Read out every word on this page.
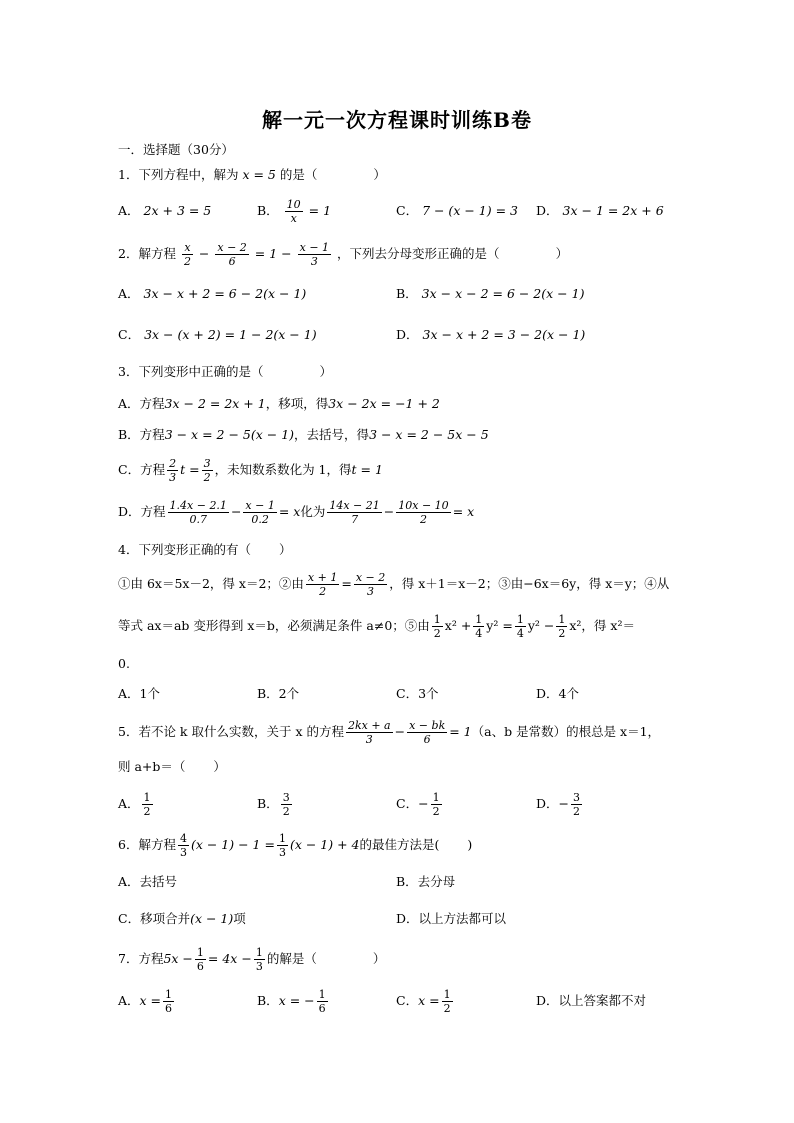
解一元一次方程课时训练B卷
一．选择题（30分）
1．下列方程中，解为 x = 5 的是（	）
A． 2x + 3 = 5	B． $\frac{10}{x} = 1$	C． 7 − (x − 1) = 3 D． 3x − 1 = 2x + 6
2．解方程 $\frac{x}{2} - \frac{x - 2}{6} = 1 - \frac{x - 1}{3}$ ，下列去分母变形正确的是（	）
A． 3x − x + 2 = 6 − 2(x − 1)	B． 3x − x − 2 = 6 − 2(x − 1)
C． 3x − (x + 2) = 1 − 2(x − 1)	D． 3x − x + 2 = 3 − 2(x − 1)
3．下列变形中正确的是（	）
A．方程3x − 2 = 2x + 1，移项，得3x − 2x = −1 + 2
B．方程3 − x = 2 − 5(x − 1)，去括号，得3 − x = 2 − 5x − 5
C．方程 $\frac{2}{3}$ $t = \frac{3}{2}$ ，未知数系数化为 1，得t = 1
D．方程 $\frac{1.4x - 2.1}{0.7} - \frac{x - 1}{0.2} = x$化为 $\frac{14x - 21}{7} - \frac{10x - 10}{2} = x$
4．下列变形正确的有（ ）
①由 6x＝5x－2，得 x＝2；②由 $\frac{x + 1}{2} = \frac{x - 2}{3}$ ，得 x＋1＝x－2；③由−6x＝6y，得 x＝y；④从
等式 ax＝ab 变形得到 x＝b，必须满足条件 a≠0；⑤由 $\frac{1}{2} x^2 + \frac{1}{4} y^2 = \frac{1}{4} y^2 - \frac{1}{2} x^2$，得 x²＝
0.
A．1个	B．2个	C．3个	D．4个
5．若不论 k 取什么实数，关于 x 的方程 $\frac{2kx + a}{3} - \frac{x - bk}{6} = 1(a$、b 是常数）的根总是 x＝1，
则 a+b＝（ ）
A． $\frac{1}{2}$	B． $\frac{3}{2}$	C．− $\frac{1}{2}$	D．− $\frac{3}{2}$
6．解方程 $\frac{4}{3} (x - 1) - 1 = \frac{1}{3} (x - 1) + 4$的最佳方法是( )
A．去括号	B．去分母
C．移项合并(x − 1)项	D．以上方法都可以
7．方程$5x - \frac{1}{6} = 4x - \frac{1}{3}$ 的解是（	）
A．$x = \frac{1}{6}$	B．x = − $\frac{1}{6}$	C．$x = \frac{1}{2}$	D．以上答案都不对
